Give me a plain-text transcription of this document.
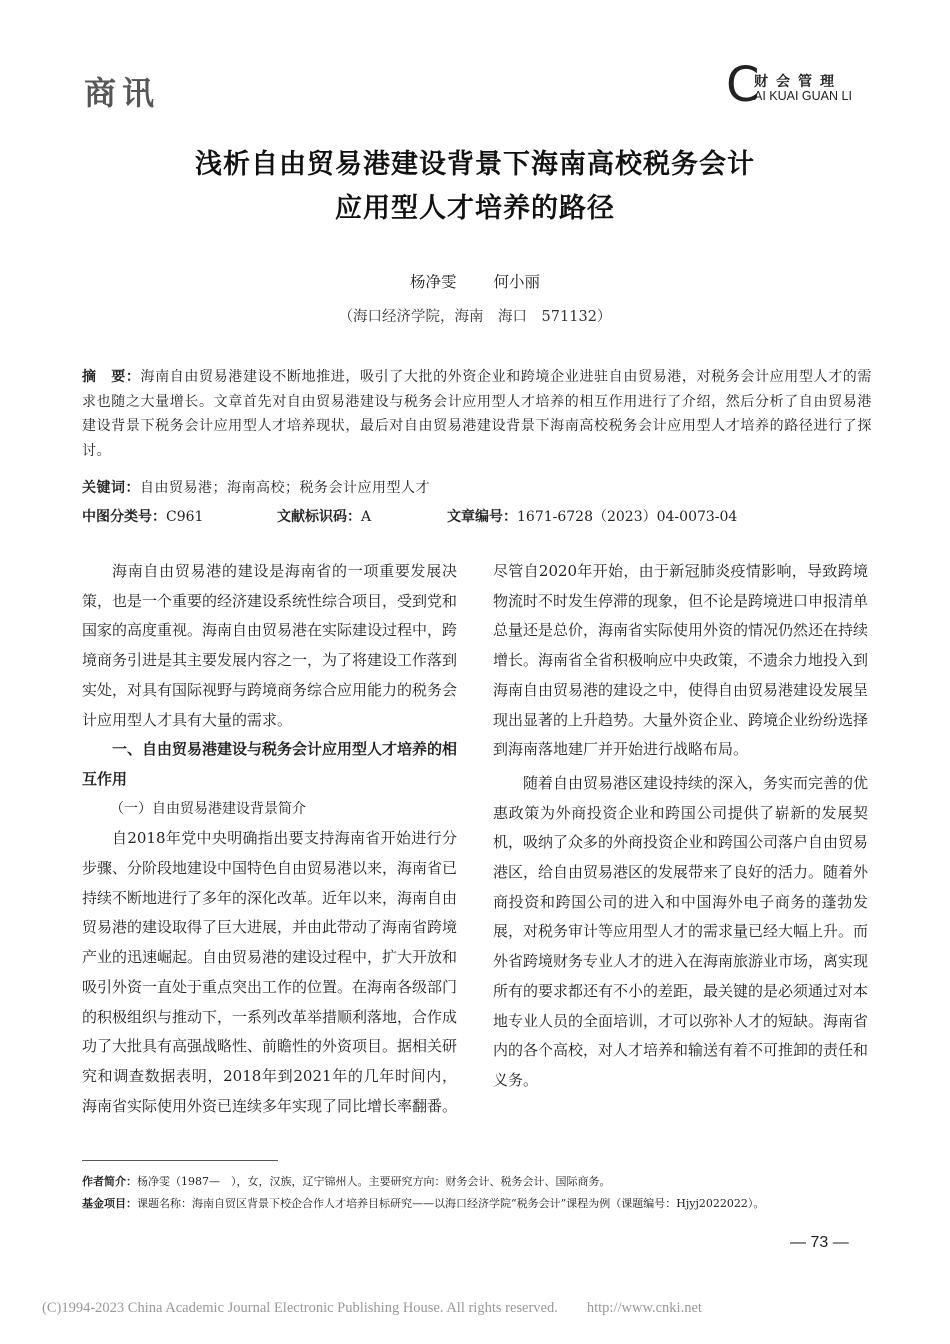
商讯	C
财会管理
AI KUAI GUAN LI
浅析自由贸易港建设背景下海南高校税务会计
应用型人才培养的路径
杨净雯 何小丽
（海口经济学院，海南　海口　571132）
摘　要：海南自由贸易港建设不断地推进，吸引了大批的外资企业和跨境企业进驻自由贸易港，对税务会计应用型人才的需求也随之大量增长。文章首先对自由贸易港建设与税务会计应用型人才培养的相互作用进行了介绍，然后分析了自由贸易港建设背景下税务会计应用型人才培养现状，最后对自由贸易港建设背景下海南高校税务会计应用型人才培养的路径进行了探讨。
关键词：自由贸易港；海南高校；税务会计应用型人才
中图分类号：C961	文献标识码：A	文章编号：1671-6728（2023）04-0073-04

海南自由贸易港的建设是海南省的一项重要发展决策，也是一个重要的经济建设系统性综合项目，受到党和国家的高度重视。海南自由贸易港在实际建设过程中，跨境商务引进是其主要发展内容之一，为了将建设工作落到实处，对具有国际视野与跨境商务综合应用能力的税务会计应用型人才具有大量的需求。

一、自由贸易港建设与税务会计应用型人才培养的相互作用
（一）自由贸易港建设背景简介

自2018年党中央明确指出要支持海南省开始进行分步骤、分阶段地建设中国特色自由贸易港以来，海南省已持续不断地进行了多年的深化改革。近年以来，海南自由贸易港的建设取得了巨大进展，并由此带动了海南省跨境产业的迅速崛起。自由贸易港的建设过程中，扩大开放和吸引外资一直处于重点突出工作的位置。在海南各级部门的积极组织与推动下，一系列改革举措顺利落地，合作成功了大批具有高强战略性、前瞻性的外资项目。据相关研究和调查数据表明，2018年到2021年的几年时间内，海南省实际使用外资已连续多年实现了同比增长率翻番。

尽管自2020年开始，由于新冠肺炎疫情影响，导致跨境物流时不时发生停滞的现象，但不论是跨境进口申报清单总量还是总价，海南省实际使用外资的情况仍然还在持续增长。海南省全省积极响应中央政策，不遗余力地投入到海南自由贸易港的建设之中，使得自由贸易港建设发展呈现出显著的上升趋势。大量外资企业、跨境企业纷纷选择到海南落地建厂并开始进行战略布局。

随着自由贸易港区建设持续的深入，务实而完善的优惠政策为外商投资企业和跨国公司提供了崭新的发展契机，吸纳了众多的外商投资企业和跨国公司落户自由贸易港区，给自由贸易港区的发展带来了良好的活力。随着外商投资和跨国公司的进入和中国海外电子商务的蓬勃发展，对税务审计等应用型人才的需求量已经大幅上升。而外省跨境财务专业人才的进入在海南旅游业市场，离实现所有的要求都还有不小的差距，最关键的是必须通过对本地专业人员的全面培训，才可以弥补人才的短缺。海南省内的各个高校，对人才培养和输送有着不可推卸的责任和义务。

作者简介：杨净雯（1987—　），女，汉族，辽宁锦州人。主要研究方向：财务会计、税务会计、国际商务。
基金项目：课题名称：海南自贸区背景下校企合作人才培养目标研究——以海口经济学院“税务会计”课程为例（课题编号：Hjyj2022022）。
— 73 —
(C)1994-2023 China Academic Journal Electronic Publishing House. All rights reserved.　　http://www.cnki.net
